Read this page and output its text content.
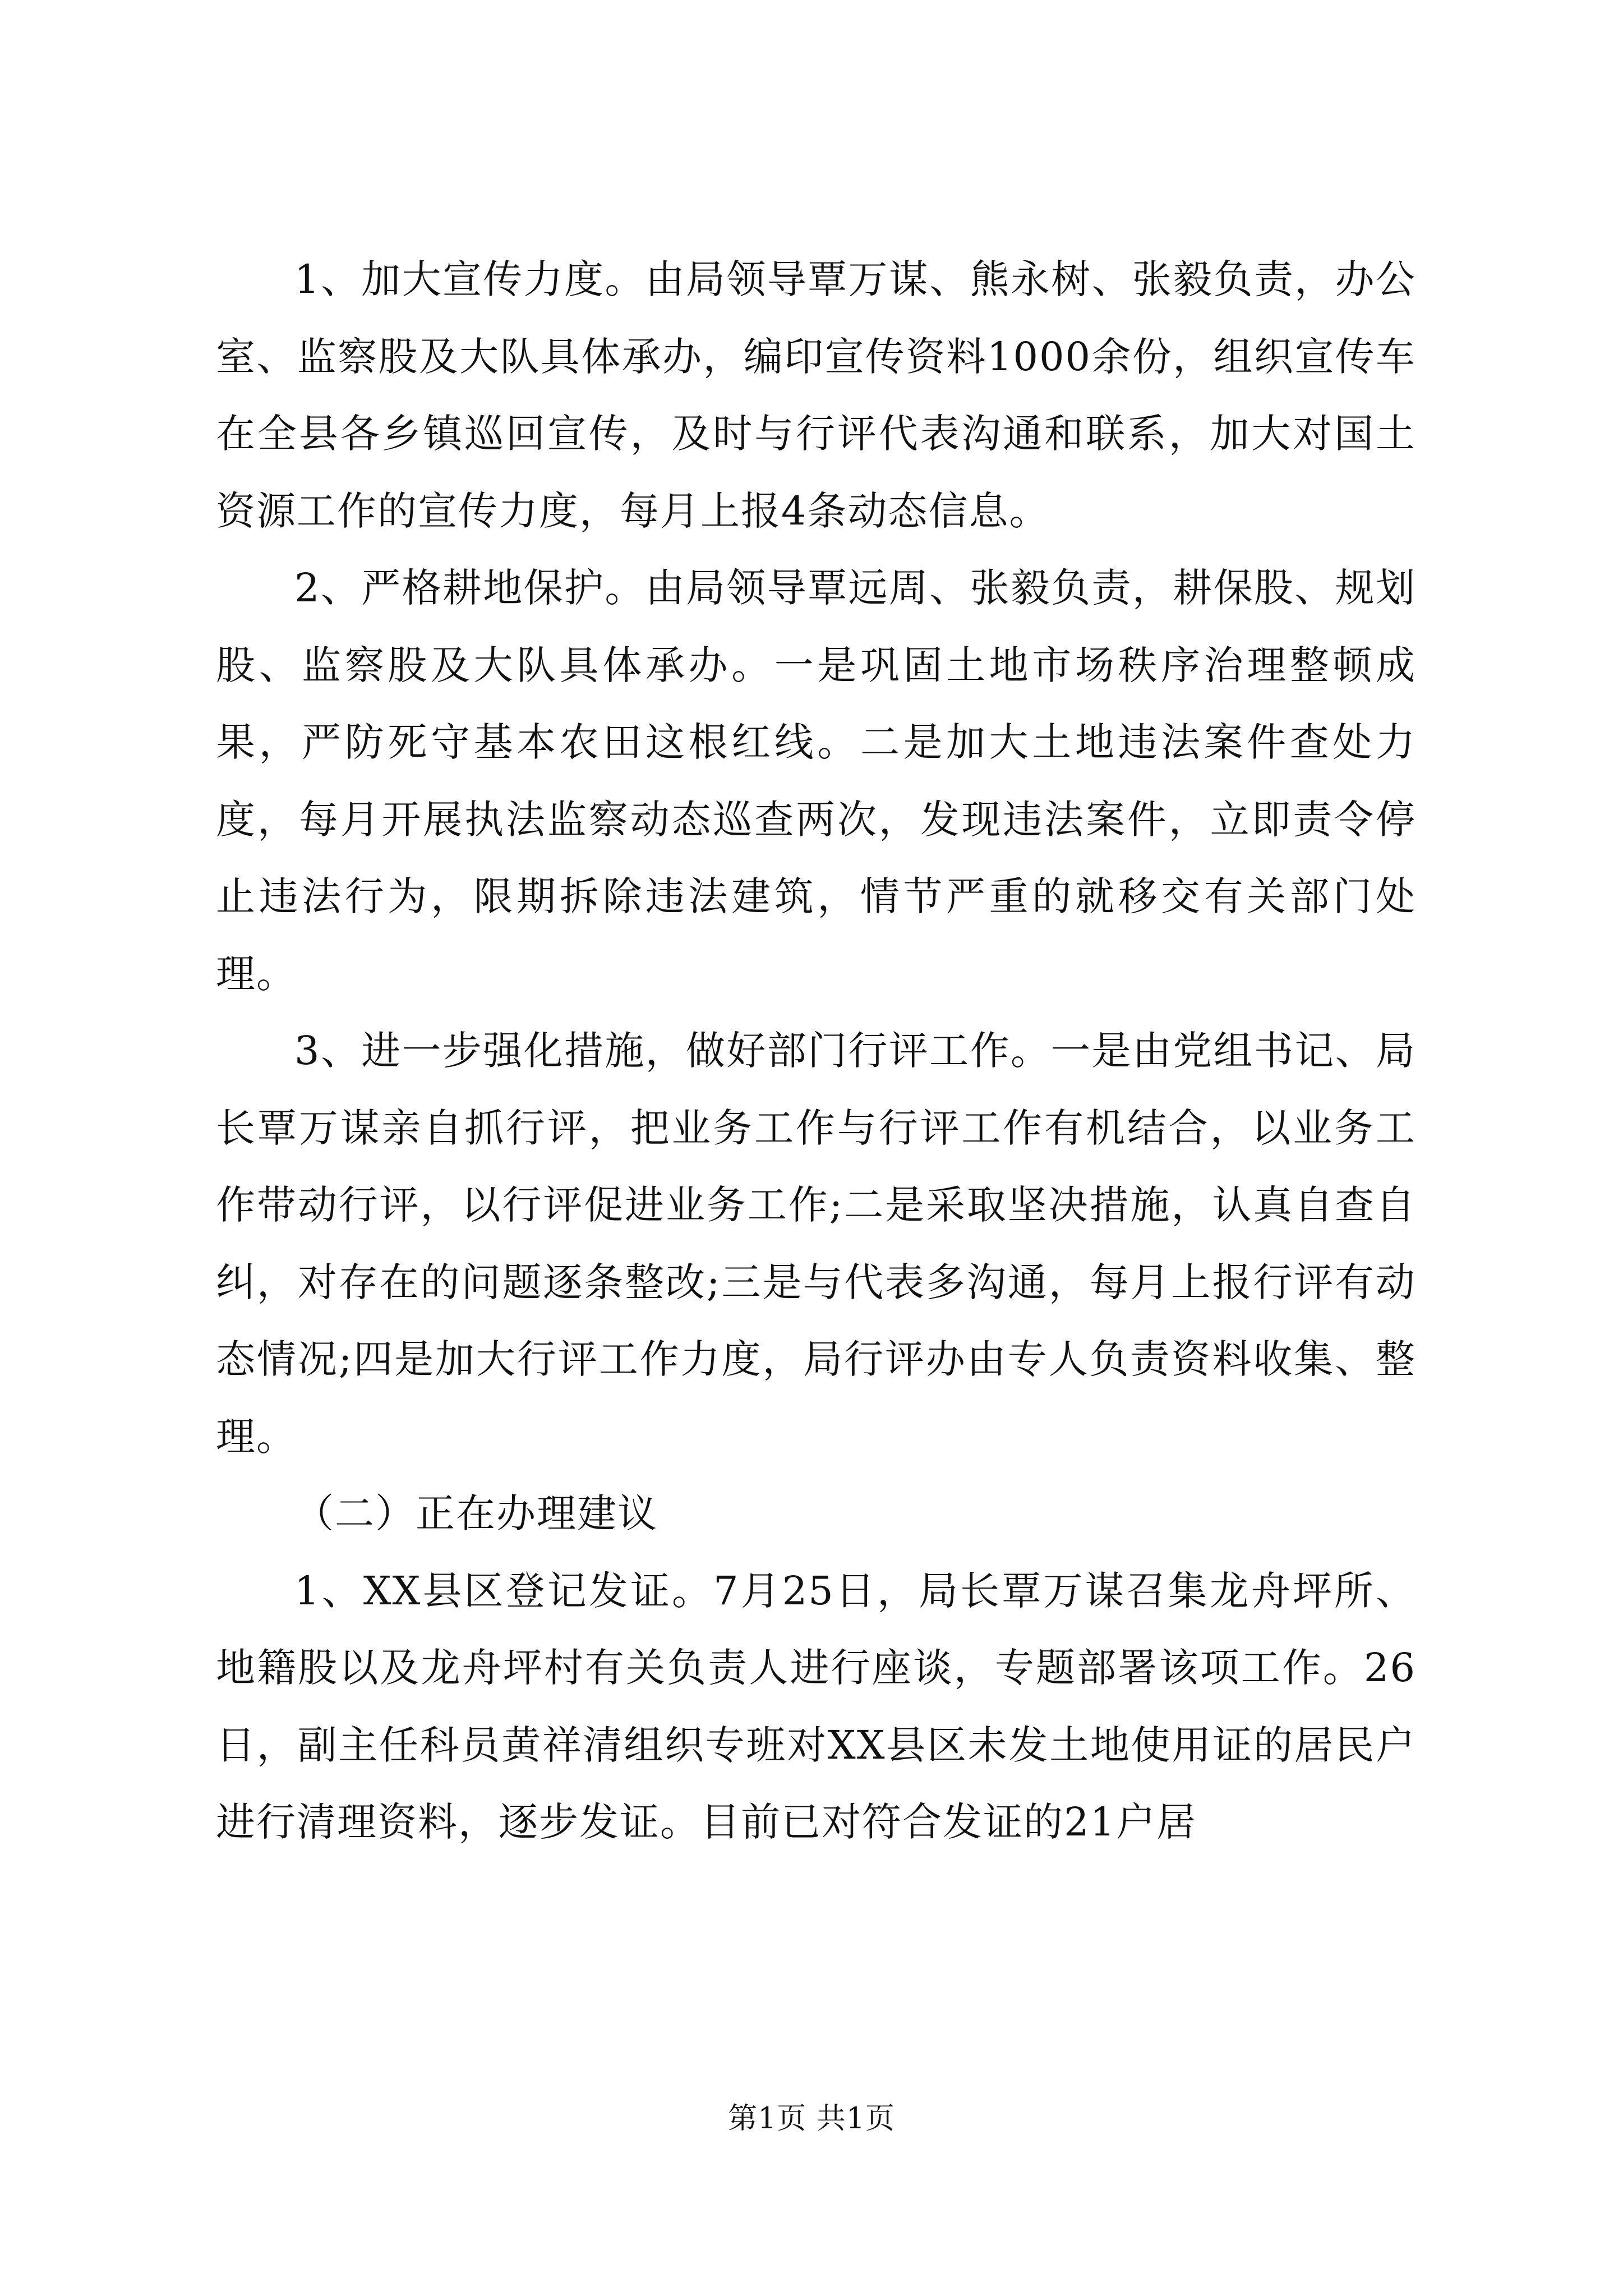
1、加大宣传力度。由局领导覃万谋、熊永树、张毅负责，办公室、监察股及大队具体承办，编印宣传资料1000余份，组织宣传车在全县各乡镇巡回宣传，及时与行评代表沟通和联系，加大对国土资源工作的宣传力度，每月上报4条动态信息。

2、严格耕地保护。由局领导覃远周、张毅负责，耕保股、规划股、监察股及大队具体承办。一是巩固土地市场秩序治理整顿成果，严防死守基本农田这根红线。二是加大土地违法案件查处力度，每月开展执法监察动态巡查两次，发现违法案件，立即责令停止违法行为，限期拆除违法建筑，情节严重的就移交有关部门处理。

3、进一步强化措施，做好部门行评工作。一是由党组书记、局长覃万谋亲自抓行评，把业务工作与行评工作有机结合，以业务工作带动行评，以行评促进业务工作;二是采取坚决措施，认真自查自纠，对存在的问题逐条整改;三是与代表多沟通，每月上报行评有动态情况;四是加大行评工作力度，局行评办由专人负责资料收集、整理。

（二）正在办理建议

1、XX县区登记发证。7月25日，局长覃万谋召集龙舟坪所、地籍股以及龙舟坪村有关负责人进行座谈，专题部署该项工作。26日，副主任科员黄祥清组织专班对XX县区未发土地使用证的居民户进行清理资料，逐步发证。目前已对符合发证的21户居

第1页 共1页
